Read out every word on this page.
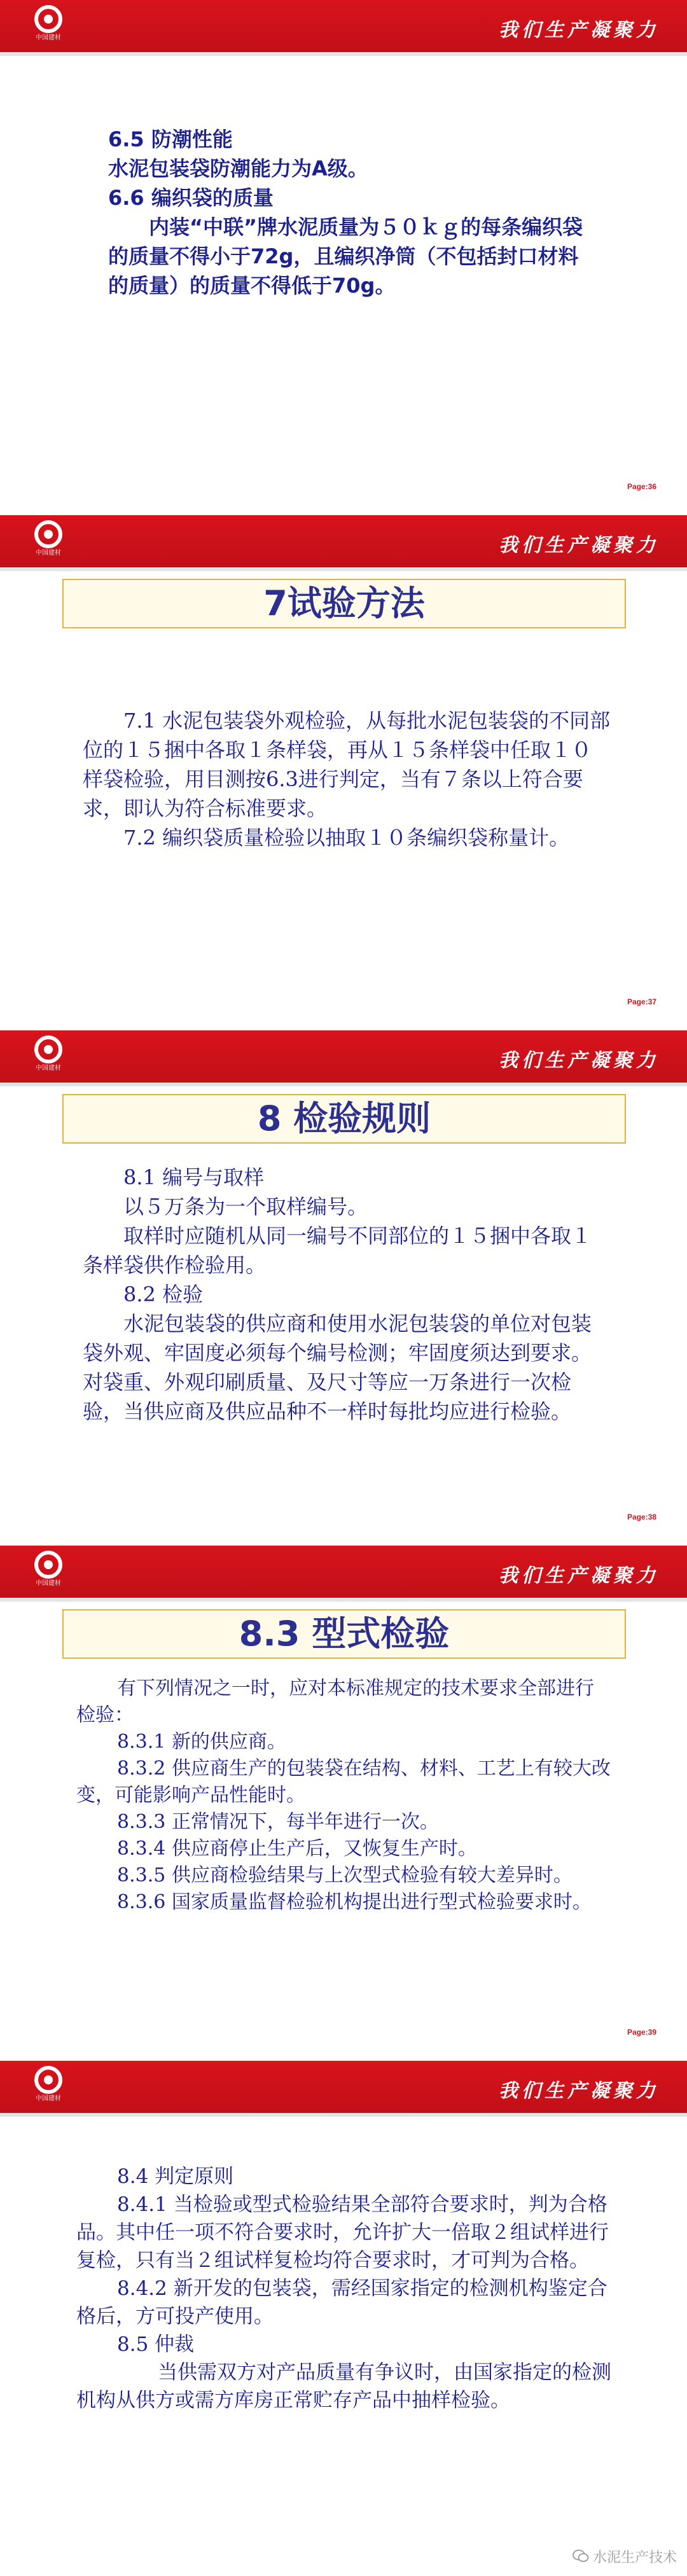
中国建材	我们生产凝聚力

6.5 防潮性能

水泥包装袋防潮能力为A级。

6.6 编织袋的质量

内装“中联”牌水泥质量为５０ｋｇ的每条编织袋的质量不得小于72g，且编织净筒（不包括封口材料的质量）的质量不得低于70g。

Page:36
中国建材	我们生产凝聚力
7试验方法

7.1 水泥包装袋外观检验，从每批水泥包装袋的不同部位的１５捆中各取１条样袋，再从１５条样袋中任取１０样袋检验，用目测按6.3进行判定，当有７条以上符合要求，即认为符合标准要求。

7.2 编织袋质量检验以抽取１０条编织袋称量计。

Page:37
中国建材	我们生产凝聚力
8 检验规则

8.1 编号与取样

以５万条为一个取样编号。

取样时应随机从同一编号不同部位的１５捆中各取１条样袋供作检验用。

8.2 检验

水泥包装袋的供应商和使用水泥包装袋的单位对包装袋外观、牢固度必须每个编号检测；牢固度须达到要求。对袋重、外观印刷质量、及尺寸等应一万条进行一次检验，当供应商及供应品种不一样时每批均应进行检验。

Page:38
中国建材	我们生产凝聚力
8.3 型式检验

有下列情况之一时，应对本标准规定的技术要求全部进行检验：

8.3.1 新的供应商。

8.3.2 供应商生产的包装袋在结构、材料、工艺上有较大改变，可能影响产品性能时。

8.3.3 正常情况下，每半年进行一次。

8.3.4 供应商停止生产后，又恢复生产时。

8.3.5 供应商检验结果与上次型式检验有较大差异时。

8.3.6 国家质量监督检验机构提出进行型式检验要求时。

Page:39
中国建材	我们生产凝聚力

8.4 判定原则

8.4.1 当检验或型式检验结果全部符合要求时，判为合格品。其中任一项不符合要求时，允许扩大一倍取２组试样进行复检，只有当２组试样复检均符合要求时，才可判为合格。

8.4.2 新开发的包装袋，需经国家指定的检测机构鉴定合格后，方可投产使用。

8.5 仲裁

当供需双方对产品质量有争议时，由国家指定的检测机构从供方或需方库房正常贮存产品中抽样检验。

水泥生产技术
